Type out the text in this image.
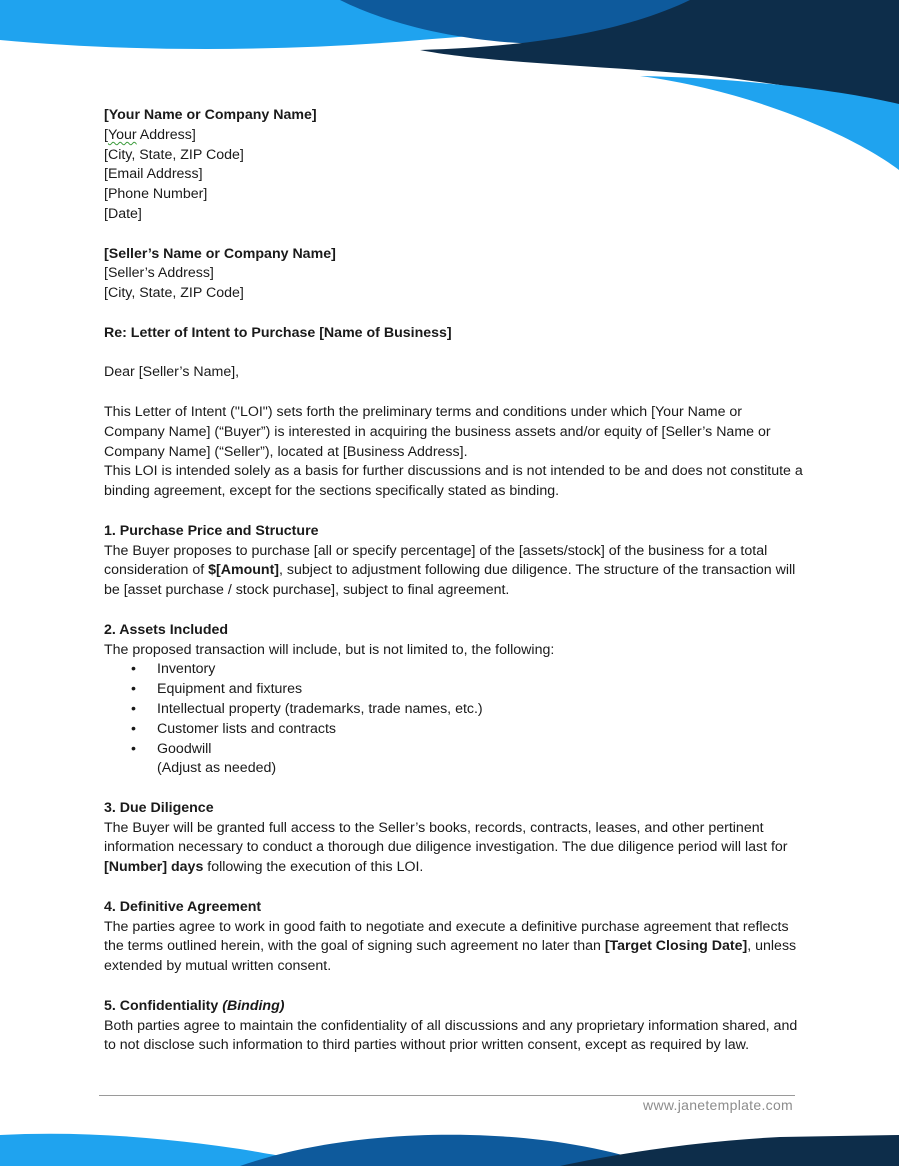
[Your Name or Company Name]

[Your Address]

[City, State, ZIP Code]

[Email Address]

[Phone Number]

[Date]

[Seller’s Name or Company Name]

[Seller’s Address]

[City, State, ZIP Code]

Re: Letter of Intent to Purchase [Name of Business]

Dear [Seller’s Name],

This Letter of Intent ("LOI") sets forth the preliminary terms and conditions under which [Your Name or Company Name] (“Buyer”) is interested in acquiring the business assets and/or equity of [Seller’s Name or Company Name] (“Seller”), located at [Business Address].

This LOI is intended solely as a basis for further discussions and is not intended to be and does not constitute a binding agreement, except for the sections specifically stated as binding.

1. Purchase Price and Structure

The Buyer proposes to purchase [all or specify percentage] of the [assets/stock] of the business for a total consideration of $[Amount], subject to adjustment following due diligence. The structure of the transaction will be [asset purchase / stock purchase], subject to final agreement.

2. Assets Included

The proposed transaction will include, but is not limited to, the following:

• Inventory
• Equipment and fixtures
• Intellectual property (trademarks, trade names, etc.)
• Customer lists and contracts
• Goodwill

(Adjust as needed)

3. Due Diligence

The Buyer will be granted full access to the Seller’s books, records, contracts, leases, and other pertinent information necessary to conduct a thorough due diligence investigation. The due diligence period will last for [Number] days following the execution of this LOI.

4. Definitive Agreement

The parties agree to work in good faith to negotiate and execute a definitive purchase agreement that reflects the terms outlined herein, with the goal of signing such agreement no later than [Target Closing Date], unless extended by mutual written consent.

5. Confidentiality (Binding)

Both parties agree to maintain the confidentiality of all discussions and any proprietary information shared, and to not disclose such information to third parties without prior written consent, except as required by law.

www.janetemplate.com
